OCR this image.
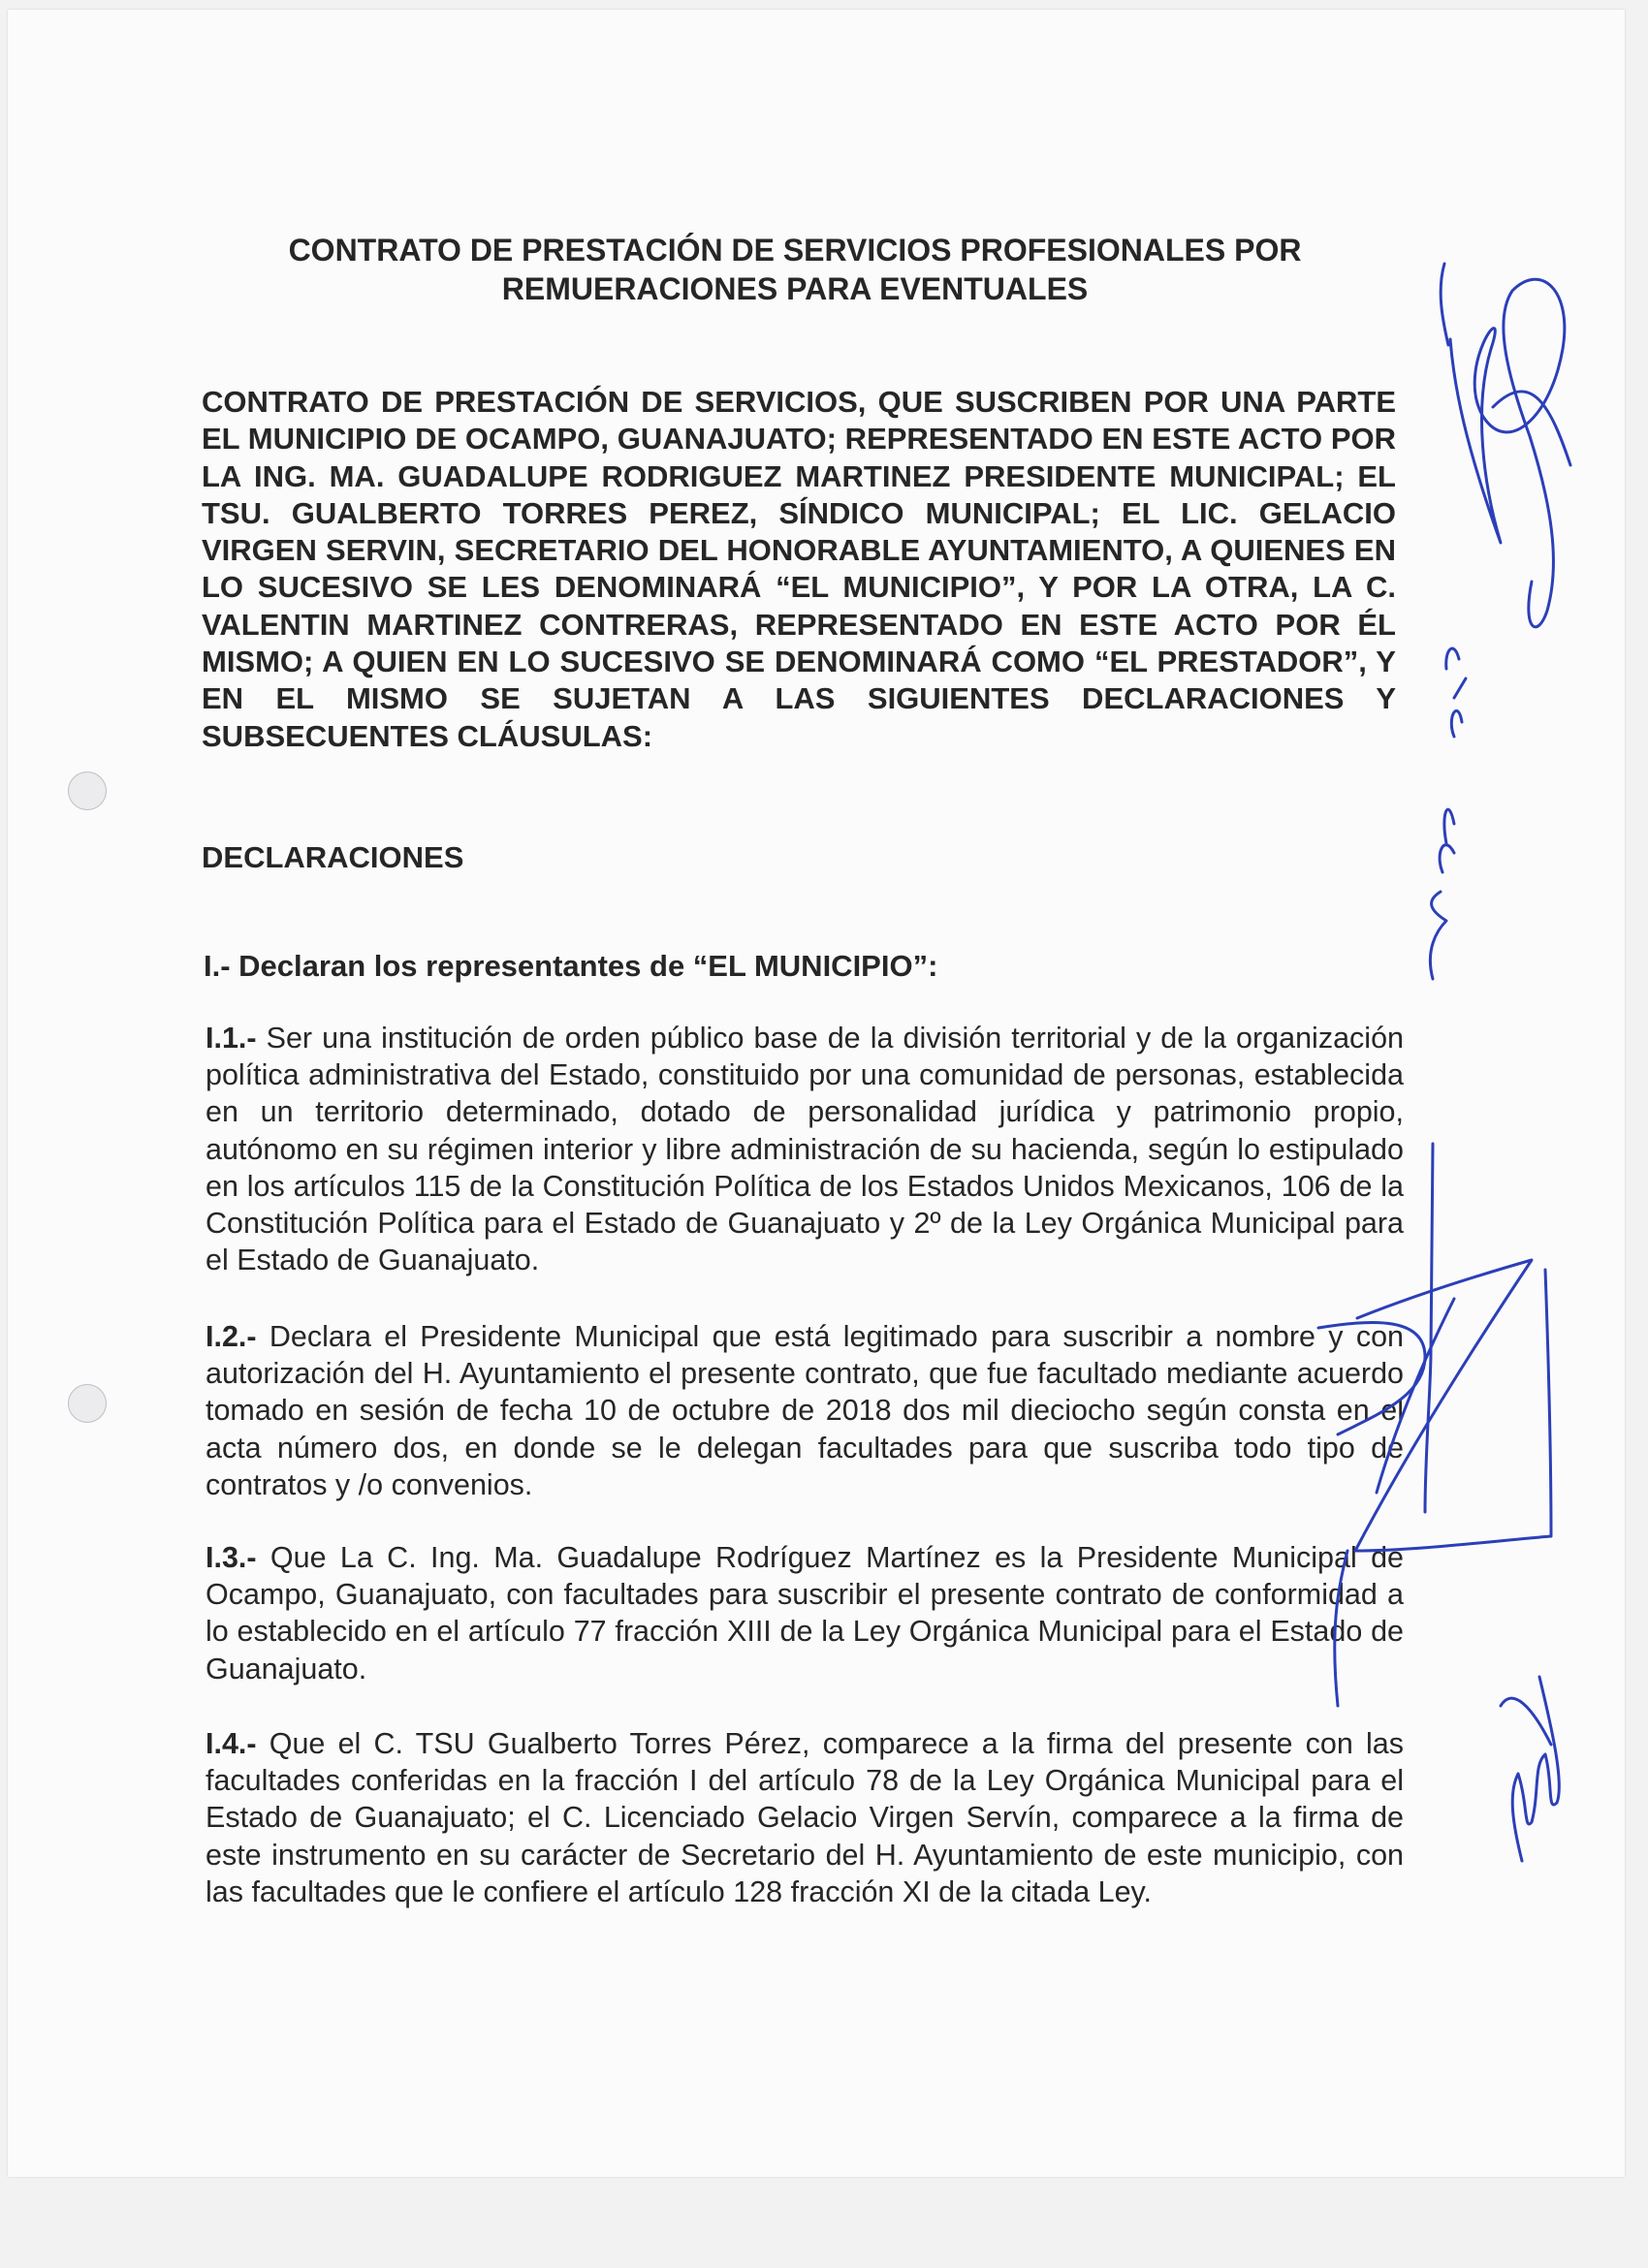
CONTRATO DE PRESTACIÓN DE SERVICIOS PROFESIONALES POR
REMUERACIONES PARA EVENTUALES

CONTRATO DE PRESTACIÓN DE SERVICIOS, QUE SUSCRIBEN POR UNA PARTE EL MUNICIPIO DE OCAMPO, GUANAJUATO; REPRESENTADO EN ESTE ACTO POR LA ING. MA. GUADALUPE RODRIGUEZ MARTINEZ PRESIDENTE MUNICIPAL; EL TSU. GUALBERTO TORRES PEREZ, SÍNDICO MUNICIPAL; EL LIC. GELACIO VIRGEN SERVIN, SECRETARIO DEL HONORABLE AYUNTAMIENTO, A QUIENES EN LO SUCESIVO SE LES DENOMINARÁ “EL MUNICIPIO”, Y POR LA OTRA, LA C. VALENTIN MARTINEZ CONTRERAS, REPRESENTADO EN ESTE ACTO POR ÉL MISMO; A QUIEN EN LO SUCESIVO SE DENOMINARÁ COMO “EL PRESTADOR”, Y EN EL MISMO SE SUJETAN A LAS SIGUIENTES DECLARACIONES Y SUBSECUENTES CLÁUSULAS:

DECLARACIONES
I.- Declaran los representantes de “EL MUNICIPIO”:

I.1.- Ser una institución de orden público base de la división territorial y de la organización política administrativa del Estado, constituido por una comunidad de personas, establecida en un territorio determinado, dotado de personalidad jurídica y patrimonio propio, autónomo en su régimen interior y libre administración de su hacienda, según lo estipulado en los artículos 115 de la Constitución Política de los Estados Unidos Mexicanos, 106 de la Constitución Política para el Estado de Guanajuato y 2º de la Ley Orgánica Municipal para el Estado de Guanajuato.

I.2.- Declara el Presidente Municipal que está legitimado para suscribir a nombre y con autorización del H. Ayuntamiento el presente contrato, que fue facultado mediante acuerdo tomado en sesión de fecha 10 de octubre de 2018 dos mil dieciocho según consta en el acta número dos, en donde se le delegan facultades para que suscriba todo tipo de contratos y /o convenios.

I.3.- Que La C. Ing. Ma. Guadalupe Rodríguez Martínez es la Presidente Municipal de Ocampo, Guanajuato, con facultades para suscribir el presente contrato de conformidad a lo establecido en el artículo 77 fracción XIII de la Ley Orgánica Municipal para el Estado de Guanajuato.

I.4.- Que el C. TSU Gualberto Torres Pérez, comparece a la firma del presente con las facultades conferidas en la fracción I del artículo 78 de la Ley Orgánica Municipal para el Estado de Guanajuato; el C. Licenciado Gelacio Virgen Servín, comparece a la firma de este instrumento en su carácter de Secretario del H. Ayuntamiento de este municipio, con las facultades que le confiere el artículo 128 fracción XI de la citada Ley.
